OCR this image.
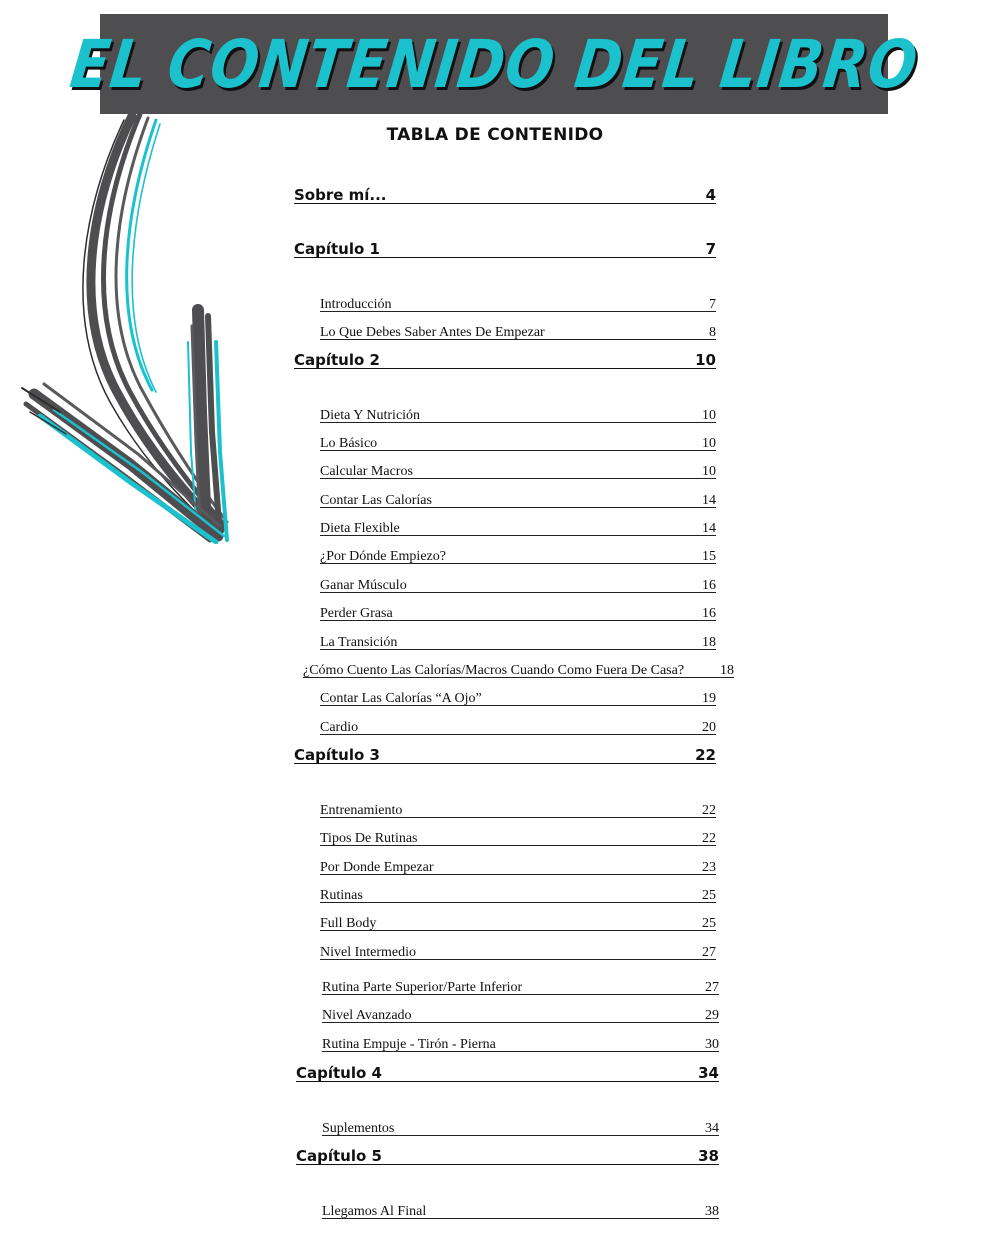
EL CONTENIDO DEL LIBRO
TABLA DE CONTENIDO
Sobre mí...	4
Capítulo 1	7
Introducción	7
Lo Que Debes Saber Antes De Empezar	8
Capítulo 2	10
Dieta Y Nutrición	10
Lo Básico	10
Calcular Macros	10
Contar Las Calorías	14
Dieta Flexible	14
¿Por Dónde Empiezo?	15
Ganar Músculo	16
Perder Grasa	16
La Transición	18
¿Cómo Cuento Las Calorías/Macros Cuando Como Fuera De Casa?	18
Contar Las Calorías “A Ojo”	19
Cardio	20
Capítulo 3	22
Entrenamiento	22
Tipos De Rutinas	22
Por Donde Empezar	23
Rutinas	25
Full Body	25
Nivel Intermedio	27
Rutina Parte Superior/Parte Inferior	27
Nivel Avanzado	29
Rutina Empuje - Tirón - Pierna	30
Capítulo 4	34
Suplementos	34
Capítulo 5	38
Llegamos Al Final	38
